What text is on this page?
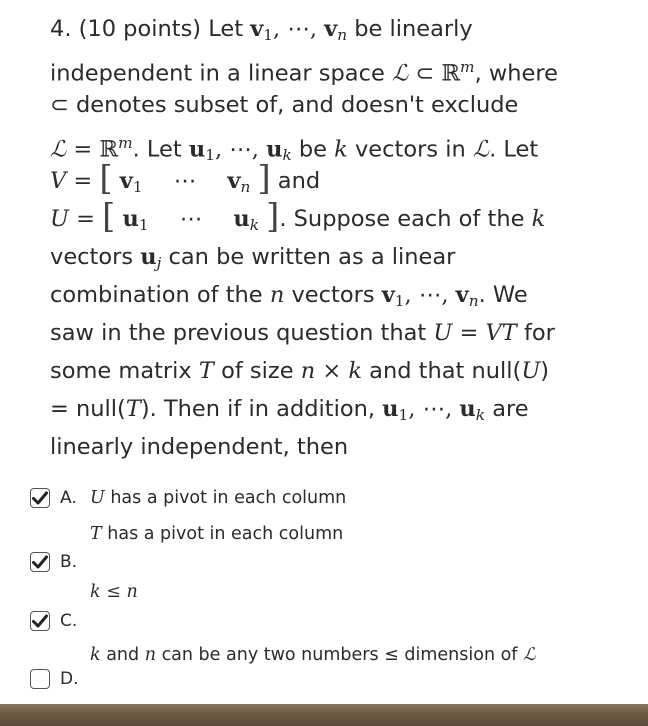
4. (10 points) Let $v_1$, ⋯, vn be linearly
independent in a linear space ℒ ⊂ ℝ$^m$, where
⊂ denotes subset of, and doesn't exclude
ℒ = ℝ$^m$. Let $u_1$, ⋯, uk be k vectors in ℒ. Let
V = [ $v_1$ ⋯ vn ] and
U = [ $u_1$ ⋯ uk ]. Suppose each of the k
vectors uj can be written as a linear
combination of the n vectors $v_1$, ⋯, vn. We
saw in the previous question that U = VT for
some matrix T of size n × k and that null(U)
= null(T). Then if in addition, $u_1$, ⋯, uk are
linearly independent, then
A. U has a pivot in each column
T has a pivot in each column
B.
k ≤ n
C.
k and n can be any two numbers ≤ dimension of ℒ
D.
